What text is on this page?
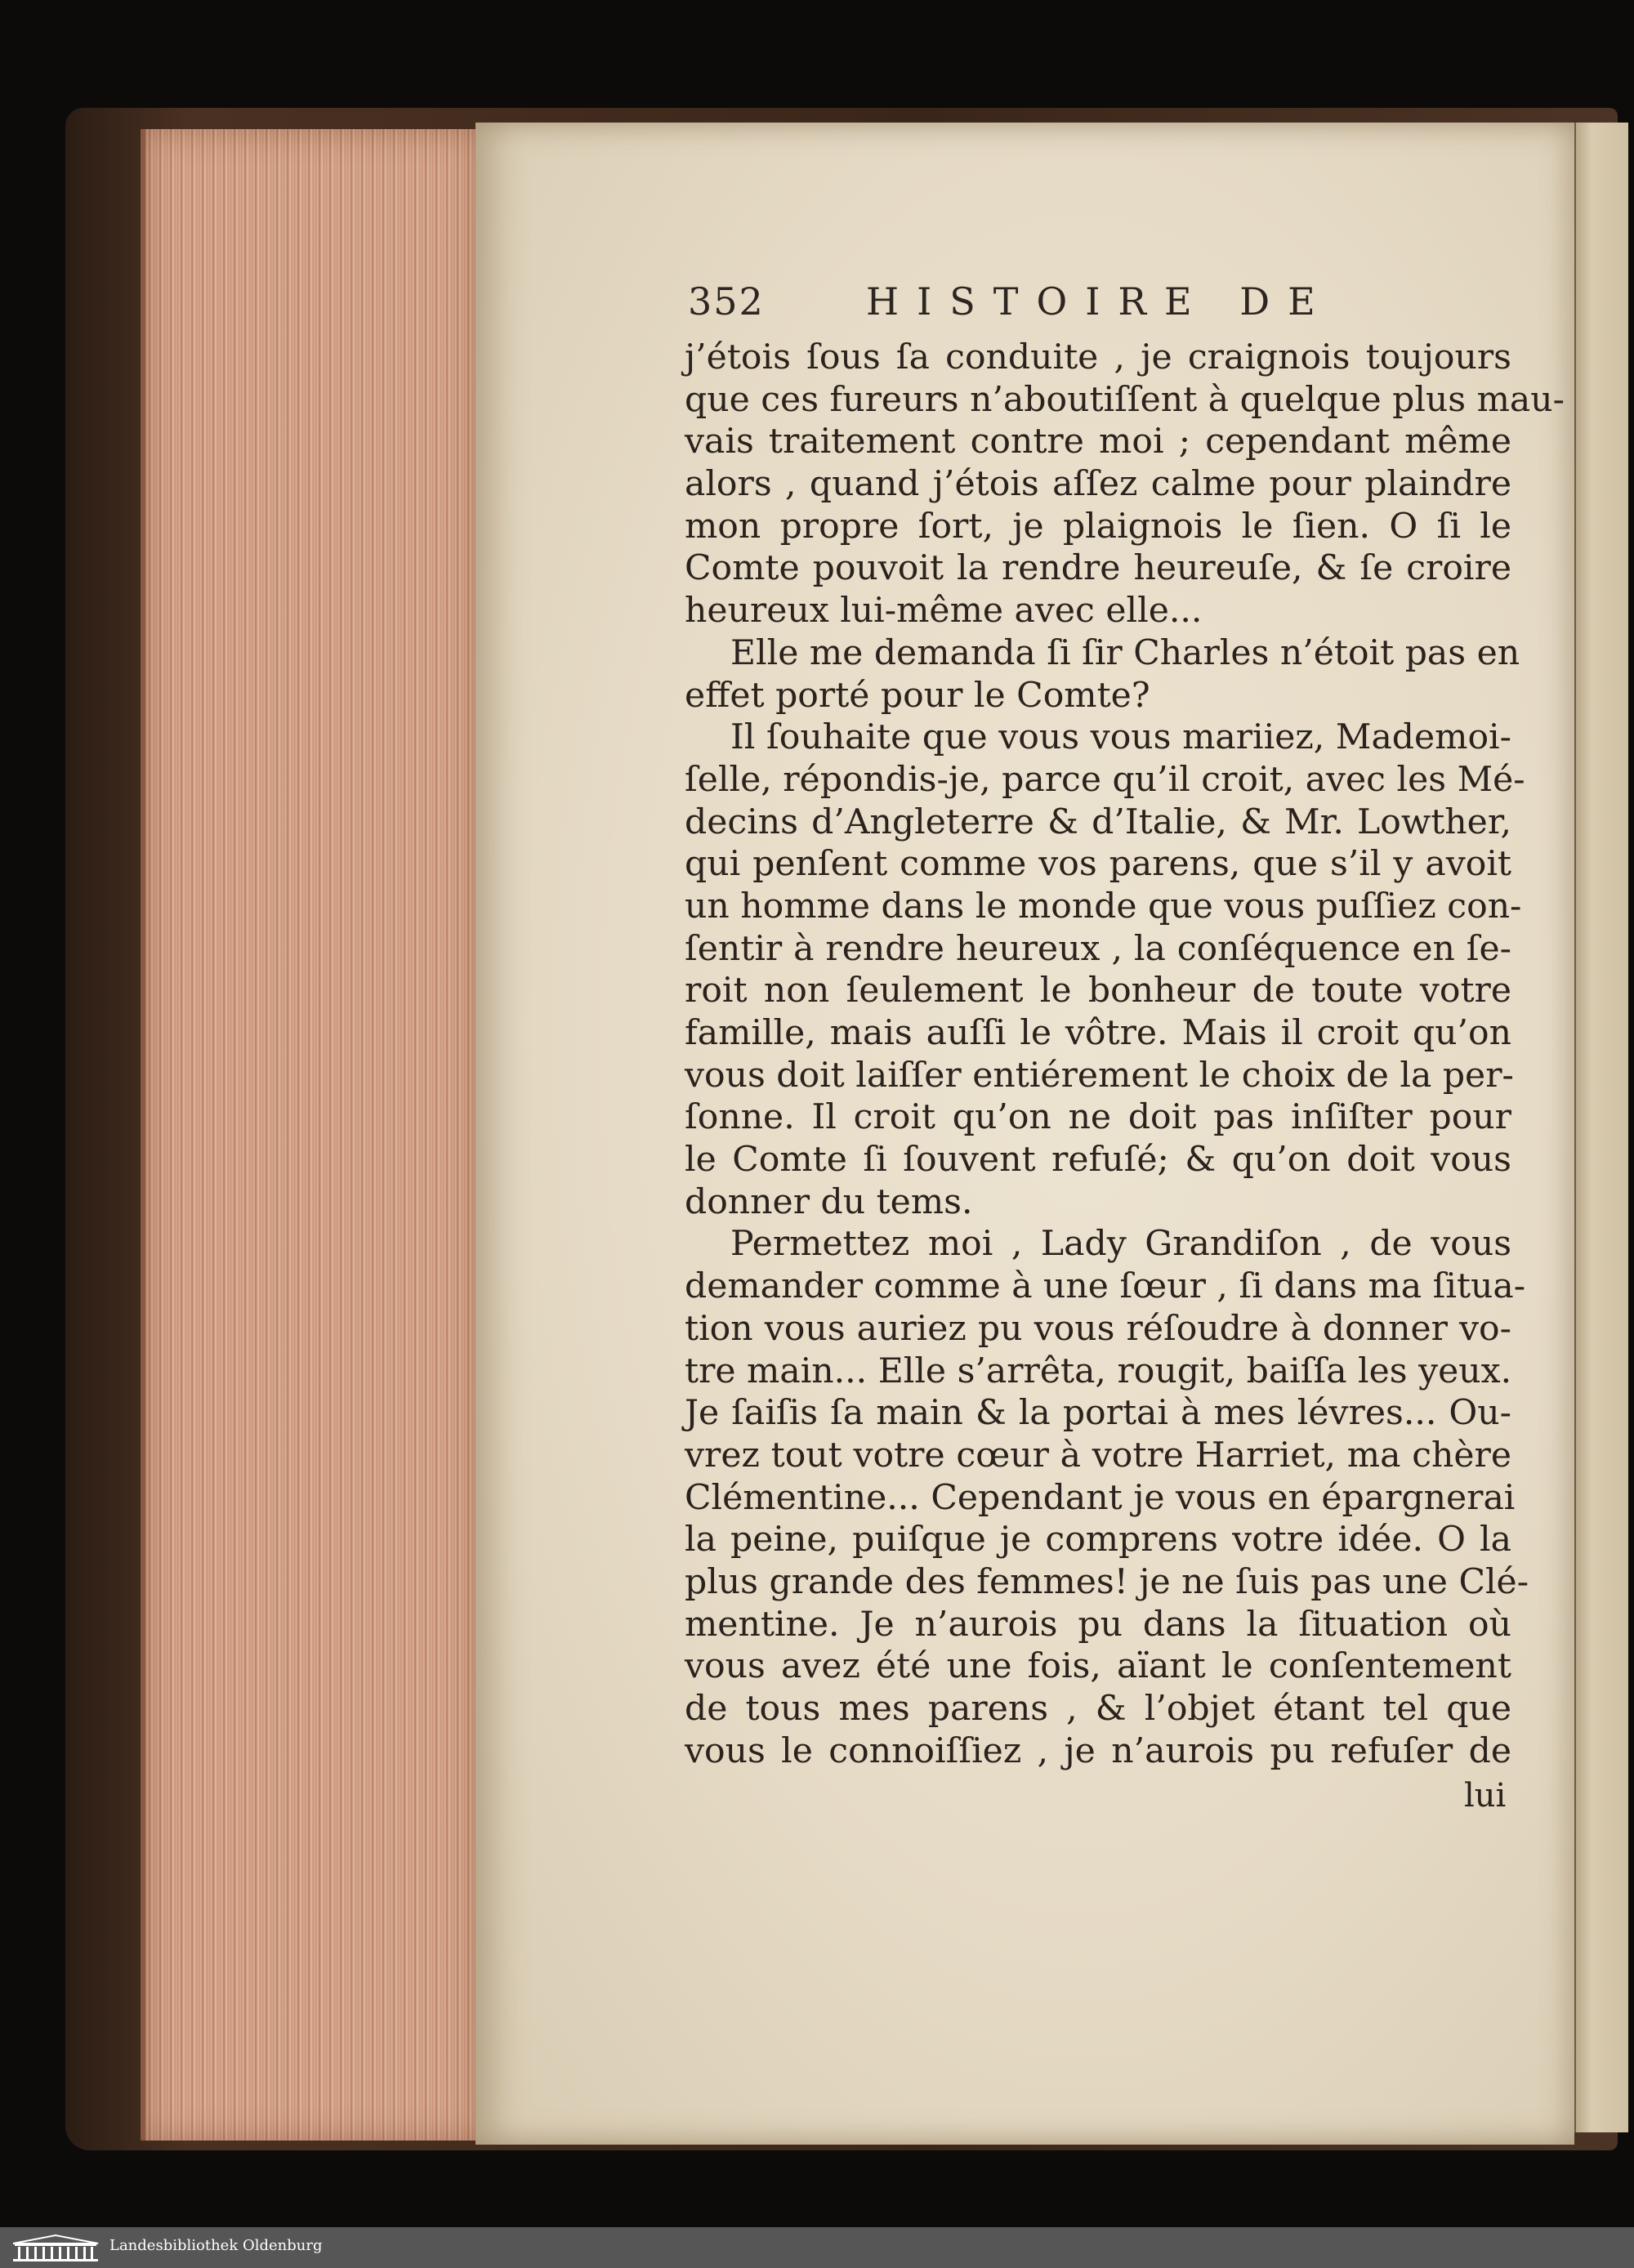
352	HISTOIRE DE
j’étois ſous ſa conduite , je craignois toujours
que ces fureurs n’aboutiſſent à quelque plus mau-
vais traitement contre moi ; cependant même
alors , quand j’étois aſſez calme pour plaindre
mon propre ſort, je plaignois le ſien. O ſi le
Comte pouvoit la rendre heureuſe, & ſe croire
heureux lui-même avec elle...
Elle me demanda ſi ſir Charles n’étoit pas en
effet porté pour le Comte?
Il ſouhaite que vous vous mariiez, Mademoi-
ſelle, répondis-je, parce qu’il croit, avec les Mé-
decins d’Angleterre & d’Italie, & Mr. Lowther,
qui penſent comme vos parens, que s’il y avoit
un homme dans le monde que vous puſſiez con-
ſentir à rendre heureux , la conſéquence en ſe-
roit non ſeulement le bonheur de toute votre
famille, mais auſſi le vôtre. Mais il croit qu’on
vous doit laiſſer entiérement le choix de la per-
ſonne. Il croit qu’on ne doit pas inſiſter pour
le Comte ſi ſouvent refuſé; & qu’on doit vous
donner du tems.
Permettez moi , Lady Grandiſon , de vous
demander comme à une ſœur , ſi dans ma ſitua-
tion vous auriez pu vous réſoudre à donner vo-
tre main... Elle s’arrêta, rougit, baiſſa les yeux.
Je ſaiſis ſa main & la portai à mes lévres... Ou-
vrez tout votre cœur à votre Harriet, ma chère
Clémentine... Cependant je vous en épargnerai
la peine, puiſque je comprens votre idée. O la
plus grande des femmes! je ne ſuis pas une Clé-
mentine. Je n’aurois pu dans la ſituation où
vous avez été une fois, aïant le conſentement
de tous mes parens , & l’objet étant tel que
vous le connoiſſiez , je n’aurois pu refuſer de
lui
Landesbibliothek Oldenburg
